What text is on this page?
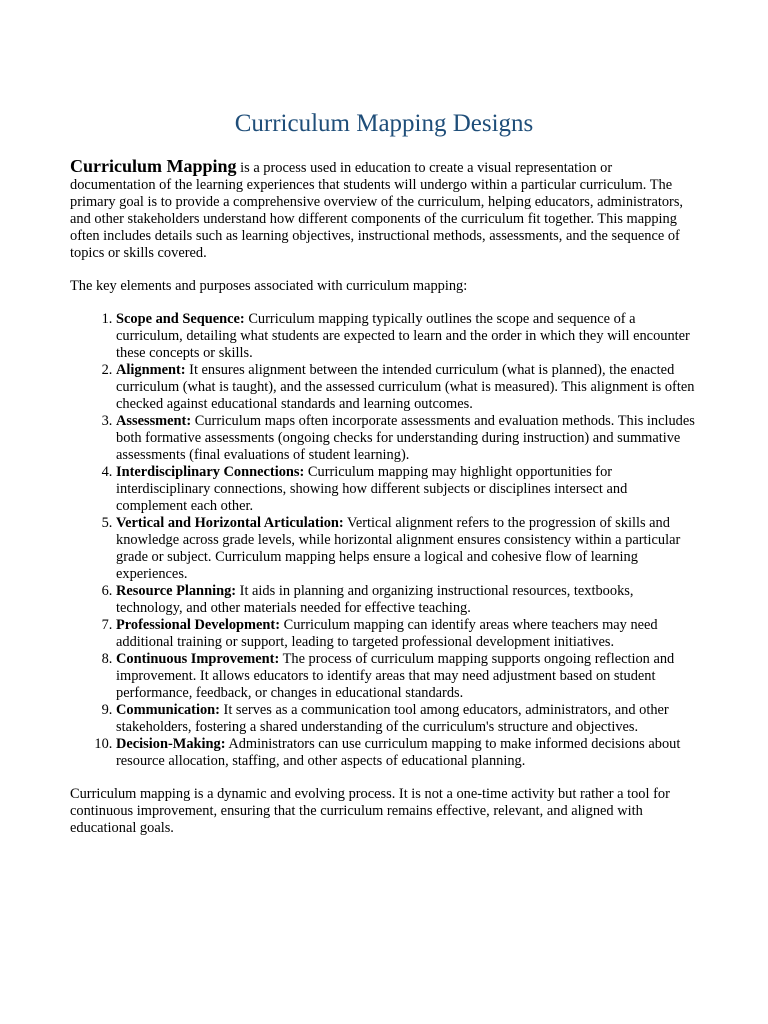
Curriculum Mapping Designs

Curriculum Mapping is a process used in education to create a visual representation or documentation of the learning experiences that students will undergo within a particular curriculum. The primary goal is to provide a comprehensive overview of the curriculum, helping educators, administrators, and other stakeholders understand how different components of the curriculum fit together. This mapping often includes details such as learning objectives, instructional methods, assessments, and the sequence of topics or skills covered.

The key elements and purposes associated with curriculum mapping:

1. Scope and Sequence: Curriculum mapping typically outlines the scope and sequence of a curriculum, detailing what students are expected to learn and the order in which they will encounter these concepts or skills.
2. Alignment: It ensures alignment between the intended curriculum (what is planned), the enacted curriculum (what is taught), and the assessed curriculum (what is measured). This alignment is often checked against educational standards and learning outcomes.
3. Assessment: Curriculum maps often incorporate assessments and evaluation methods. This includes both formative assessments (ongoing checks for understanding during instruction) and summative assessments (final evaluations of student learning).
4. Interdisciplinary Connections: Curriculum mapping may highlight opportunities for interdisciplinary connections, showing how different subjects or disciplines intersect and complement each other.
5. Vertical and Horizontal Articulation: Vertical alignment refers to the progression of skills and knowledge across grade levels, while horizontal alignment ensures consistency within a particular grade or subject. Curriculum mapping helps ensure a logical and cohesive flow of learning experiences.
6. Resource Planning: It aids in planning and organizing instructional resources, textbooks, technology, and other materials needed for effective teaching.
7. Professional Development: Curriculum mapping can identify areas where teachers may need additional training or support, leading to targeted professional development initiatives.
8. Continuous Improvement: The process of curriculum mapping supports ongoing reflection and improvement. It allows educators to identify areas that may need adjustment based on student performance, feedback, or changes in educational standards.
9. Communication: It serves as a communication tool among educators, administrators, and other stakeholders, fostering a shared understanding of the curriculum's structure and objectives.
10. Decision-Making: Administrators can use curriculum mapping to make informed decisions about resource allocation, staffing, and other aspects of educational planning.

Curriculum mapping is a dynamic and evolving process. It is not a one-time activity but rather a tool for continuous improvement, ensuring that the curriculum remains effective, relevant, and aligned with educational goals.
